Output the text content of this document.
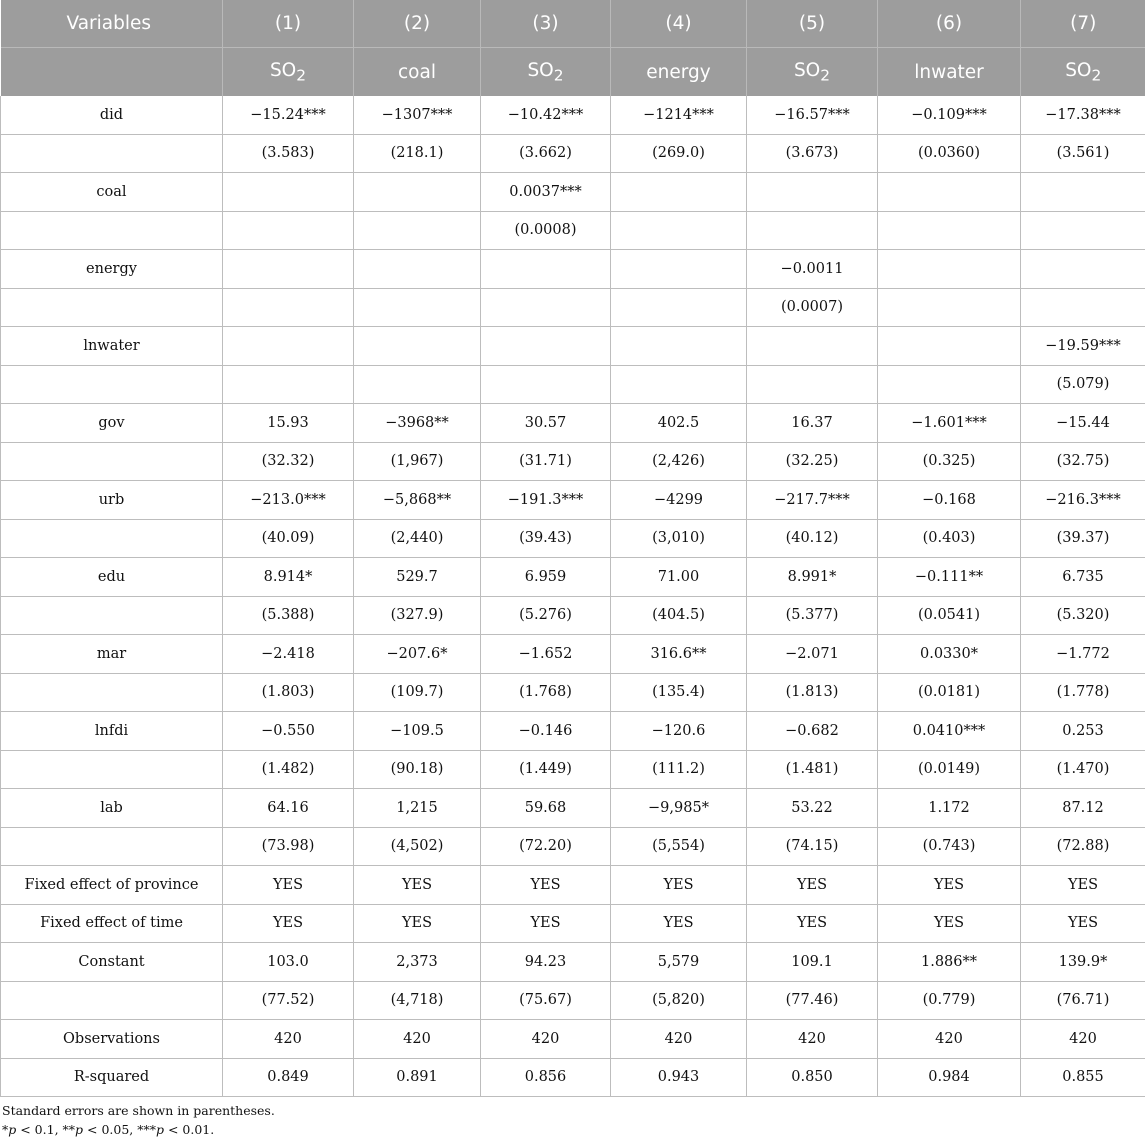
Variables	(1)	(2)	(3)	(4)	(5)	(6)	(7)
	$SO_2$	coal	$SO_2$	energy	$SO_2$	lnwater	$SO_2$
did	−15.24***	−1307***	−10.42***	−1214***	−16.57***	−0.109***	−17.38***
	(3.583)	(218.1)	(3.662)	(269.0)	(3.673)	(0.0360)	(3.561)
coal			0.0037***				
			(0.0008)				
energy					−0.0011		
					(0.0007)		
lnwater							−19.59***
							(5.079)
gov	15.93	−3968**	30.57	402.5	16.37	−1.601***	−15.44
	(32.32)	(1,967)	(31.71)	(2,426)	(32.25)	(0.325)	(32.75)
urb	−213.0***	−5,868**	−191.3***	−4299	−217.7***	−0.168	−216.3***
	(40.09)	(2,440)	(39.43)	(3,010)	(40.12)	(0.403)	(39.37)
edu	8.914*	529.7	6.959	71.00	8.991*	−0.111**	6.735
	(5.388)	(327.9)	(5.276)	(404.5)	(5.377)	(0.0541)	(5.320)
mar	−2.418	−207.6*	−1.652	316.6**	−2.071	0.0330*	−1.772
	(1.803)	(109.7)	(1.768)	(135.4)	(1.813)	(0.0181)	(1.778)
lnfdi	−0.550	−109.5	−0.146	−120.6	−0.682	0.0410***	0.253
	(1.482)	(90.18)	(1.449)	(111.2)	(1.481)	(0.0149)	(1.470)
lab	64.16	1,215	59.68	−9,985*	53.22	1.172	87.12
	(73.98)	(4,502)	(72.20)	(5,554)	(74.15)	(0.743)	(72.88)
Fixed effect of province	YES	YES	YES	YES	YES	YES	YES
Fixed effect of time	YES	YES	YES	YES	YES	YES	YES
Constant	103.0	2,373	94.23	5,579	109.1	1.886**	139.9*
	(77.52)	(4,718)	(75.67)	(5,820)	(77.46)	(0.779)	(76.71)
Observations	420	420	420	420	420	420	420
R-squared	0.849	0.891	0.856	0.943	0.850	0.984	0.855
Standard errors are shown in parentheses.
*p < 0.1, **p < 0.05, ***p < 0.01.
